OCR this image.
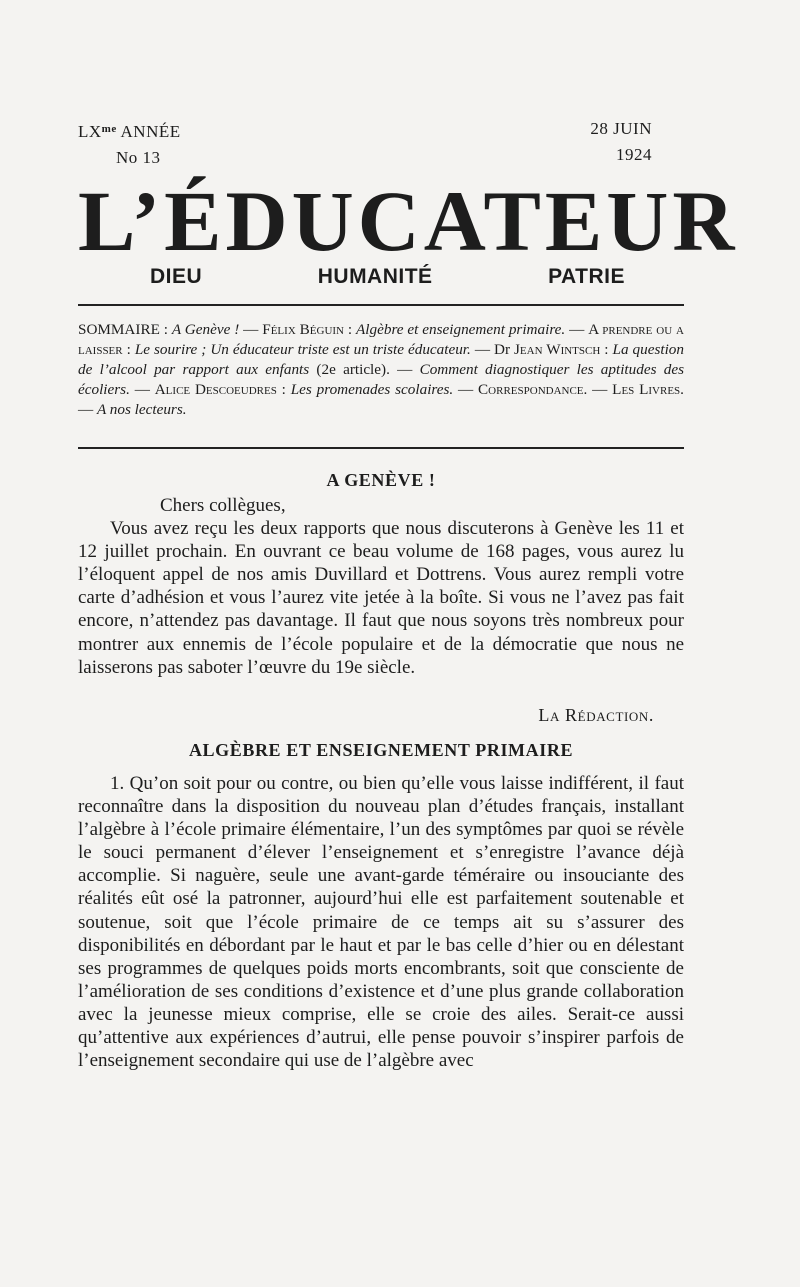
$LX^{me}$ ANNÉE
No 13
28 JUIN
1924
L’ÉDUCATEUR
DIEU	HUMANITÉ	PATRIE
SOMMAIRE : A Genève ! — Félix Béguin : Algèbre et enseignement primaire. — A prendre ou a laisser : Le sourire ; Un éducateur triste est un triste éducateur. — Dr Jean Wintsch : La question de l’alcool par rapport aux enfants (2e article). — Comment diagnostiquer les aptitudes des écoliers. — Alice Descoeudres : Les promenades scolaires. — Correspondance. — Les Livres. — A nos lecteurs.
A GENÈVE !

Chers collègues,

Vous avez reçu les deux rapports que nous discuterons à Genève les 11 et 12 juillet prochain. En ouvrant ce beau volume de 168 pages, vous aurez lu l’éloquent appel de nos amis Duvillard et Dottrens. Vous aurez rempli votre carte d’adhésion et vous l’aurez vite jetée à la boîte. Si vous ne l’avez pas fait encore, n’attendez pas davantage. Il faut que nous soyons très nombreux pour montrer aux ennemis de l’école populaire et de la démocratie que nous ne laisserons pas saboter l’œuvre du 19e siècle.

La Rédaction.
ALGÈBRE ET ENSEIGNEMENT PRIMAIRE

1. Qu’on soit pour ou contre, ou bien qu’elle vous laisse indifférent, il faut reconnaître dans la disposition du nouveau plan d’études français, installant l’algèbre à l’école primaire élémentaire, l’un des symptômes par quoi se révèle le souci permanent d’élever l’enseignement et s’enregistre l’avance déjà accomplie. Si naguère, seule une avant-garde téméraire ou insouciante des réalités eût osé la patronner, aujourd’hui elle est parfaitement soutenable et soutenue, soit que l’école primaire de ce temps ait su s’assurer des disponibilités en débordant par le haut et par le bas celle d’hier ou en délestant ses programmes de quelques poids morts encombrants, soit que consciente de l’amélioration de ses conditions d’existence et d’une plus grande collaboration avec la jeunesse mieux comprise, elle se croie des ailes. Serait-ce aussi qu’attentive aux expériences d’autrui, elle pense pouvoir s’inspirer parfois de l’enseignement secondaire qui use de l’algèbre avec
